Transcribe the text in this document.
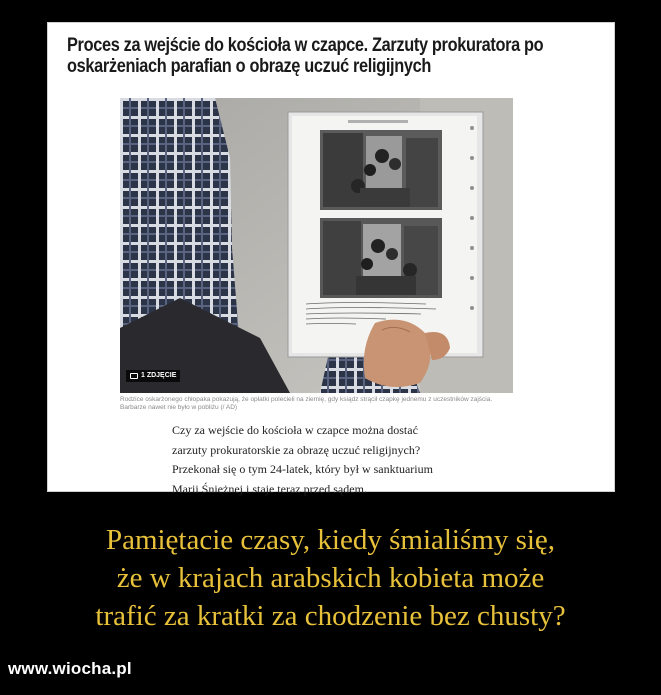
Proces za wejście do kościoła w czapce. Zarzuty prokuratora po oskarżeniach parafian o obrazę uczuć religijnych
1 ZDJĘCIE
Rodzice oskarżonego chłopaka pokazują, że opłatki polecieli na ziemię, gdy ksiądz strącił czapkę jednemu z uczestników zajścia. Barbarze nawet nie było w pobliżu (/ AD)
Czy za wejście do kościoła w czapce można dostać
zarzuty prokuratorskie za obrazę uczuć religijnych?
Przekonał się o tym 24-latek, który był w sanktuarium
Marii Śnieżnej i staje teraz przed sądem.
Pamiętacie czasy, kiedy śmialiśmy się,
że w krajach arabskich kobieta może
trafić za kratki za chodzenie bez chusty?
www.wiocha.pl
